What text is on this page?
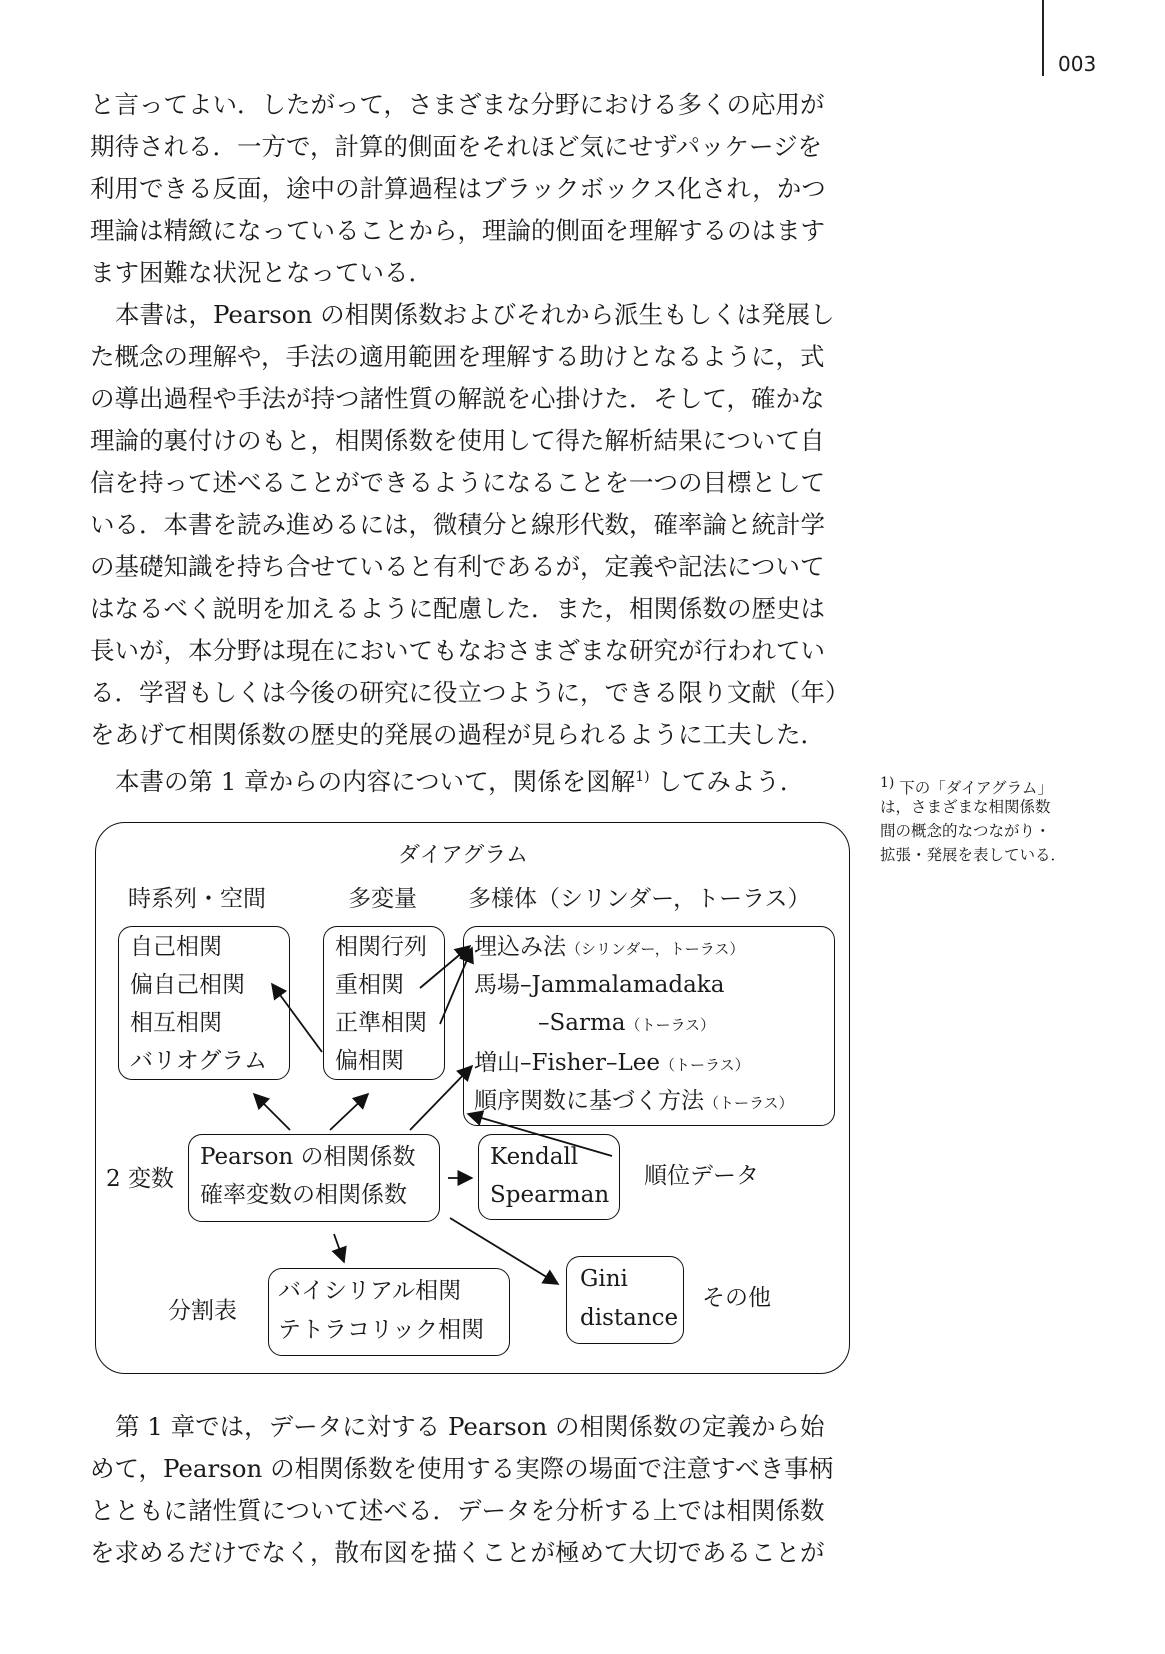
003
と言ってよい．したがって，さまざまな分野における多くの応用が
期待される．一方で，計算的側面をそれほど気にせずパッケージを
利用できる反面，途中の計算過程はブラックボックス化され，かつ
理論は精緻になっていることから，理論的側面を理解するのはます
ます困難な状況となっている．
本書は，Pearson の相関係数およびそれから派生もしくは発展し
た概念の理解や，手法の適用範囲を理解する助けとなるように，式
の導出過程や手法が持つ諸性質の解説を心掛けた．そして，確かな
理論的裏付けのもと，相関係数を使用して得た解析結果について自
信を持って述べることができるようになることを一つの目標として
いる．本書を読み進めるには，微積分と線形代数，確率論と統計学
の基礎知識を持ち合せていると有利であるが，定義や記法について
はなるべく説明を加えるように配慮した．また，相関係数の歴史は
長いが，本分野は現在においてもなおさまざまな研究が行われてい
る．学習もしくは今後の研究に役立つように，できる限り文献（年）
をあげて相関係数の歴史的発展の過程が見られるように工夫した．
本書の第 1 章からの内容について，関係を図解$^{1)}$ してみよう．	$^{1)}$ 下の「ダイアグラム」
は，さまざまな相関係数
間の概念的なつながり・
拡張・発展を表している．
ダイアグラム
時系列・空間	多変量 多様体（シリンダー，トーラス）
自己相関
偏自己相関
相互相関
バリオグラム
相関行列
重相関
正準相関
偏相関
埋込み法（シリンダー，トーラス）
馬場–Jammalamadaka
–Sarma（トーラス）
増山–Fisher–Lee（トーラス）
順序関数に基づく方法（トーラス）
2 変数
Pearson の相関係数
確率変数の相関係数
Kendall
Spearman
順位データ
分割表
バイシリアル相関
テトラコリック相関
Gini
distance
その他
第 1 章では，データに対する Pearson の相関係数の定義から始
めて，Pearson の相関係数を使用する実際の場面で注意すべき事柄
とともに諸性質について述べる．データを分析する上では相関係数
を求めるだけでなく，散布図を描くことが極めて大切であることが
